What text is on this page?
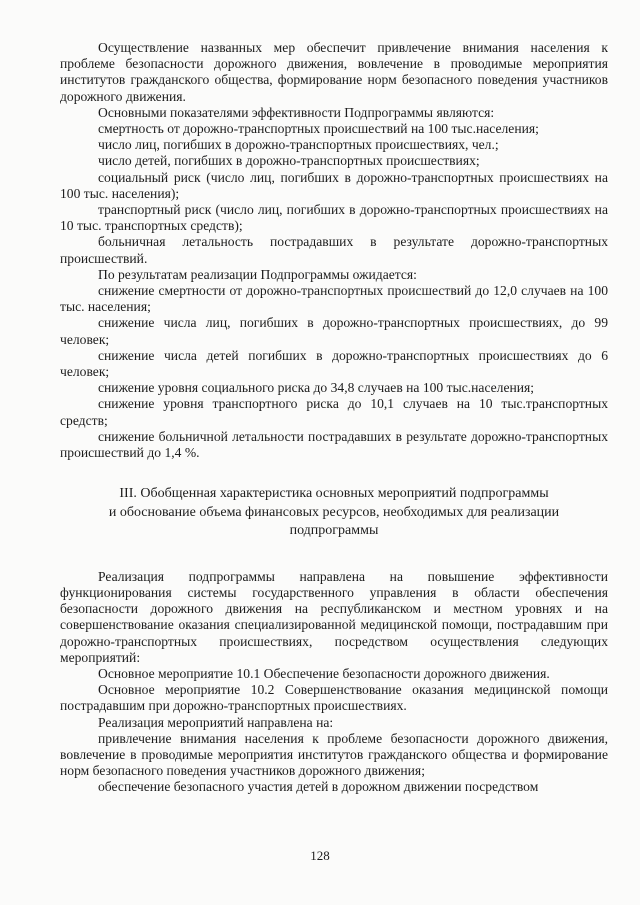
Осуществление названных мер обеспечит привлечение внимания населения к проблеме безопасности дорожного движения, вовлечение в проводимые мероприятия институтов гражданского общества, формирование норм безопасного поведения участников дорожного движения.

Основными показателями эффективности Подпрограммы являются:

смертность от дорожно-транспортных происшествий на 100 тыс.населения;

число лиц, погибших в дорожно-транспортных происшествиях, чел.;

число детей, погибших в дорожно-транспортных происшествиях;

социальный риск (число лиц, погибших в дорожно-транспортных происшествиях на 100 тыс. населения);

транспортный риск (число лиц, погибших в дорожно-транспортных происшествиях на 10 тыс. транспортных средств);

больничная летальность пострадавших в результате дорожно-транспортных происшествий.

По результатам реализации Подпрограммы ожидается:

снижение смертности от дорожно-транспортных происшествий до 12,0 случаев на 100 тыс. населения;

снижение числа лиц, погибших в дорожно-транспортных происшествиях, до 99 человек;

снижение числа детей погибших в дорожно-транспортных происшествиях до 6 человек;

снижение уровня социального риска до 34,8 случаев на 100 тыс.населения;

снижение уровня транспортного риска до 10,1 случаев на 10 тыс.транспортных средств;

снижение больничной летальности пострадавших в результате дорожно-транспортных происшествий до 1,4 %.

III. Обобщенная характеристика основных мероприятий подпрограммы
и обоснование объема финансовых ресурсов, необходимых для реализации
подпрограммы

Реализация подпрограммы направлена на повышение эффективности функционирования системы государственного управления в области обеспечения безопасности дорожного движения на республиканском и местном уровнях и на совершенствование оказания специализированной медицинской помощи, пострадавшим при дорожно-транспортных происшествиях, посредством осуществления следующих мероприятий:

Основное мероприятие 10.1 Обеспечение безопасности дорожного движения.

Основное мероприятие 10.2 Совершенствование оказания медицинской помощи пострадавшим при дорожно-транспортных происшествиях.

Реализация мероприятий направлена на:

привлечение внимания населения к проблеме безопасности дорожного движения, вовлечение в проводимые мероприятия институтов гражданского общества и формирование норм безопасного поведения участников дорожного движения;

обеспечение безопасного участия детей в дорожном движении посредством

128
